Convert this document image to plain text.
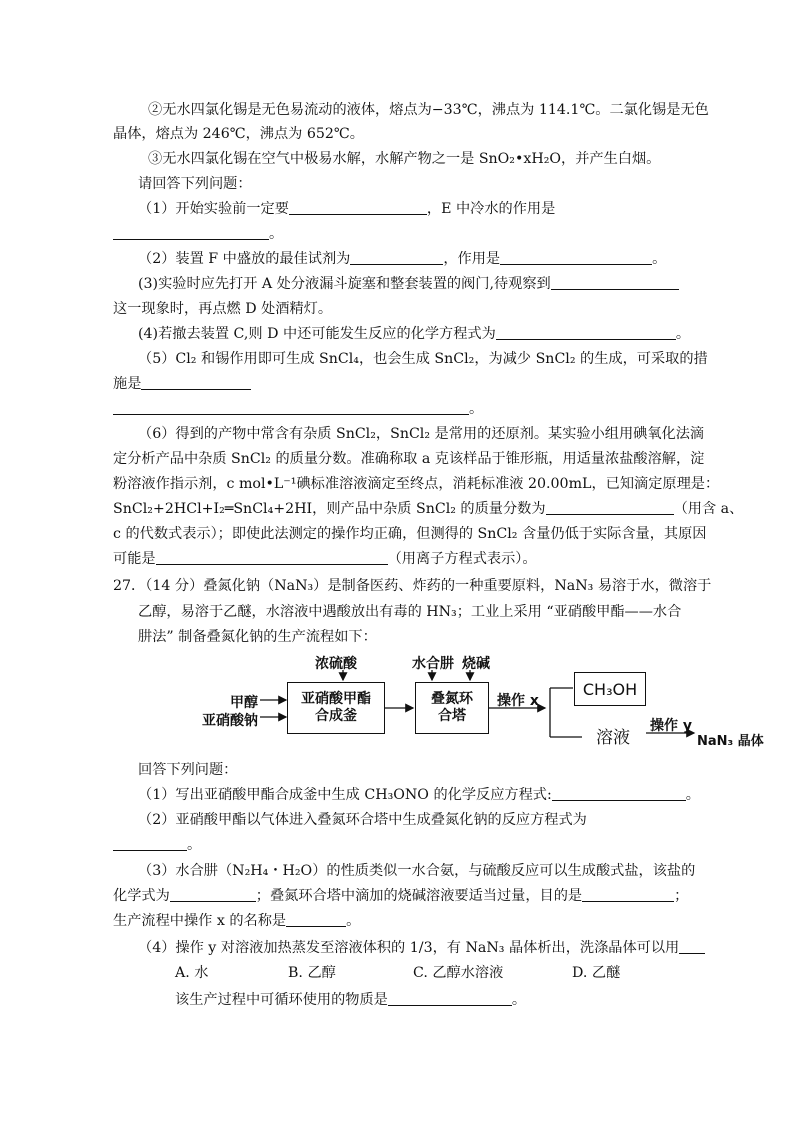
②无水四氯化锡是无色易流动的液体，熔点为−33℃，沸点为 114.1℃。二氯化锡是无色
晶体，熔点为 246℃，沸点为 652℃。
③无水四氯化锡在空气中极易水解，水解产物之一是 SnO₂•xH₂O，并产生白烟。
请回答下列问题：
（1）开始实验前一定要	，E 中冷水的作用是
。
（2）装置 F 中盛放的最佳试剂为	，作用是	。
(3)实验时应先打开 A 处分液漏斗旋塞和整套装置的阀门,待观察到
这一现象时，再点燃 D 处酒精灯。
(4)若撤去装置 C,则 D 中还可能发生反应的化学方程式为	。
（5）Cl₂ 和锡作用即可生成 SnCl₄，也会生成 SnCl₂，为减少 SnCl₂ 的生成，可采取的措
施是
。
（6）得到的产物中常含有杂质 SnCl₂，SnCl₂ 是常用的还原剂。某实验小组用碘氧化法滴
定分析产品中杂质 SnCl₂ 的质量分数。准确称取 a 克该样品于锥形瓶，用适量浓盐酸溶解，淀
粉溶液作指示剂，c mol•L⁻¹碘标准溶液滴定至终点，消耗标准液 20.00mL，已知滴定原理是：
SnCl₂+2HCl+I₂═SnCl₄+2HI，则产品中杂质 SnCl₂ 的质量分数为	（用含 a、
c 的代数式表示）；即使此法测定的操作均正确，但测得的 SnCl₂ 含量仍低于实际含量，其原因
可能是	（用离子方程式表示）。
27．（14 分）叠氮化钠（NaN₃）是制备医药、炸药的一种重要原料，NaN₃ 易溶于水，微溶于
乙醇，易溶于乙醚，水溶液中遇酸放出有毒的 HN₃；工业上采用 “亚硝酸甲酯——水合
肼法” 制备叠氮化钠的生产流程如下：
甲醇
亚硝酸钠
浓硫酸
亚硝酸甲酯
合成釜
水合肼 烧碱
叠氮环
合塔
操作 x
CH₃OH
溶液
操作 y
NaN₃ 晶体
回答下列问题：
（1）写出亚硝酸甲酯合成釜中生成 CH₃ONO 的化学反应方程式:	。
（2）亚硝酸甲酯以气体进入叠氮环合塔中生成叠氮化钠的反应方程式为
。
（3）水合肼（N₂H₄・H₂O）的性质类似一水合氨，与硫酸反应可以生成酸式盐，该盐的
化学式为	；叠氮环合塔中滴加的烧碱溶液要适当过量，目的是	；
生产流程中操作 x 的名称是	。
（4）操作 y 对溶液加热蒸发至溶液体积的 1/3，有 NaN₃ 晶体析出，洗涤晶体可以用
A. 水	B. 乙醇	C. 乙醇水溶液	D. 乙醚
该生产过程中可循环使用的物质是	。
